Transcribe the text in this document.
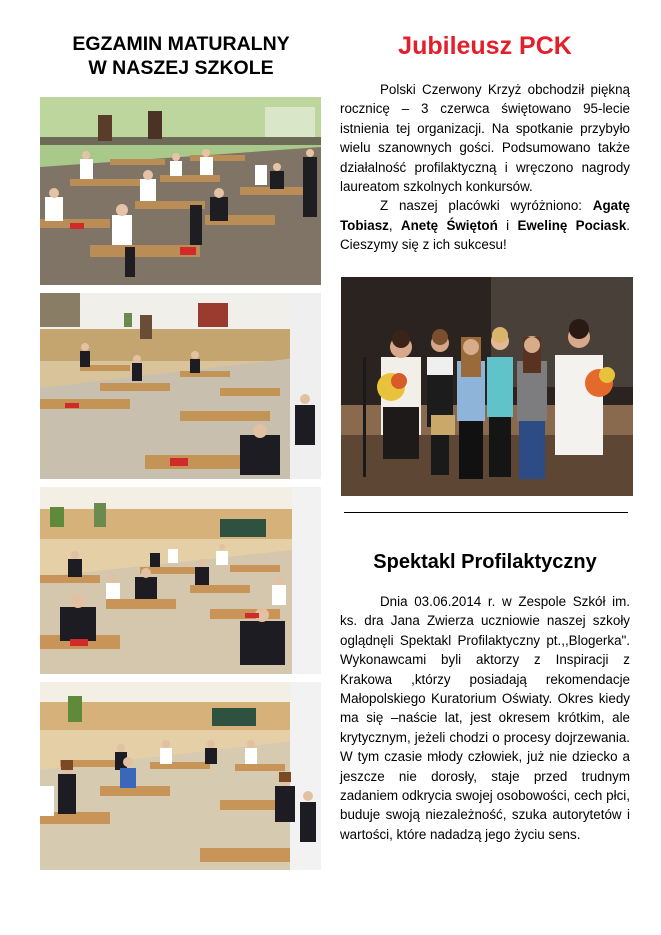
EGZAMIN MATURALNY
W NASZEJ SZKOLE
Jubileusz PCK

Polski Czerwony Krzyż obchodził piękną rocznicę – 3 czerwca świętowano 95-lecie istnienia tej organizacji. Na spotkanie przybyło wielu szanownych gości. Podsumowano także działalność profilaktyczną i wręczono nagrody laureatom szkolnych konkursów.

Z naszej placówki wyróżniono: Agatę Tobiasz, Anetę Świętoń i Ewelinę Pociask. Cieszymy się z ich sukcesu!

Spektakl Profilaktyczny

Dnia 03.06.2014 r. w Zespole Szkół im. ks. dra Jana Zwierza uczniowie naszej szkoły oglądnęli Spektakl Profilaktyczny pt.,,Blogerka". Wykonawcami byli aktorzy z Inspiracji z Krakowa ,którzy posiadają rekomendacje Małopolskiego Kuratorium Oświaty. Okres kiedy ma się –naście lat, jest okresem krótkim, ale krytycznym, jeżeli chodzi o procesy dojrzewania. W tym czasie młody człowiek, już nie dziecko a jeszcze nie dorosły, staje przed trudnym zadaniem odkrycia swojej osobowości, cech płci, buduje swoją niezależność, szuka autorytetów i wartości, które nadadzą jego życiu sens.
